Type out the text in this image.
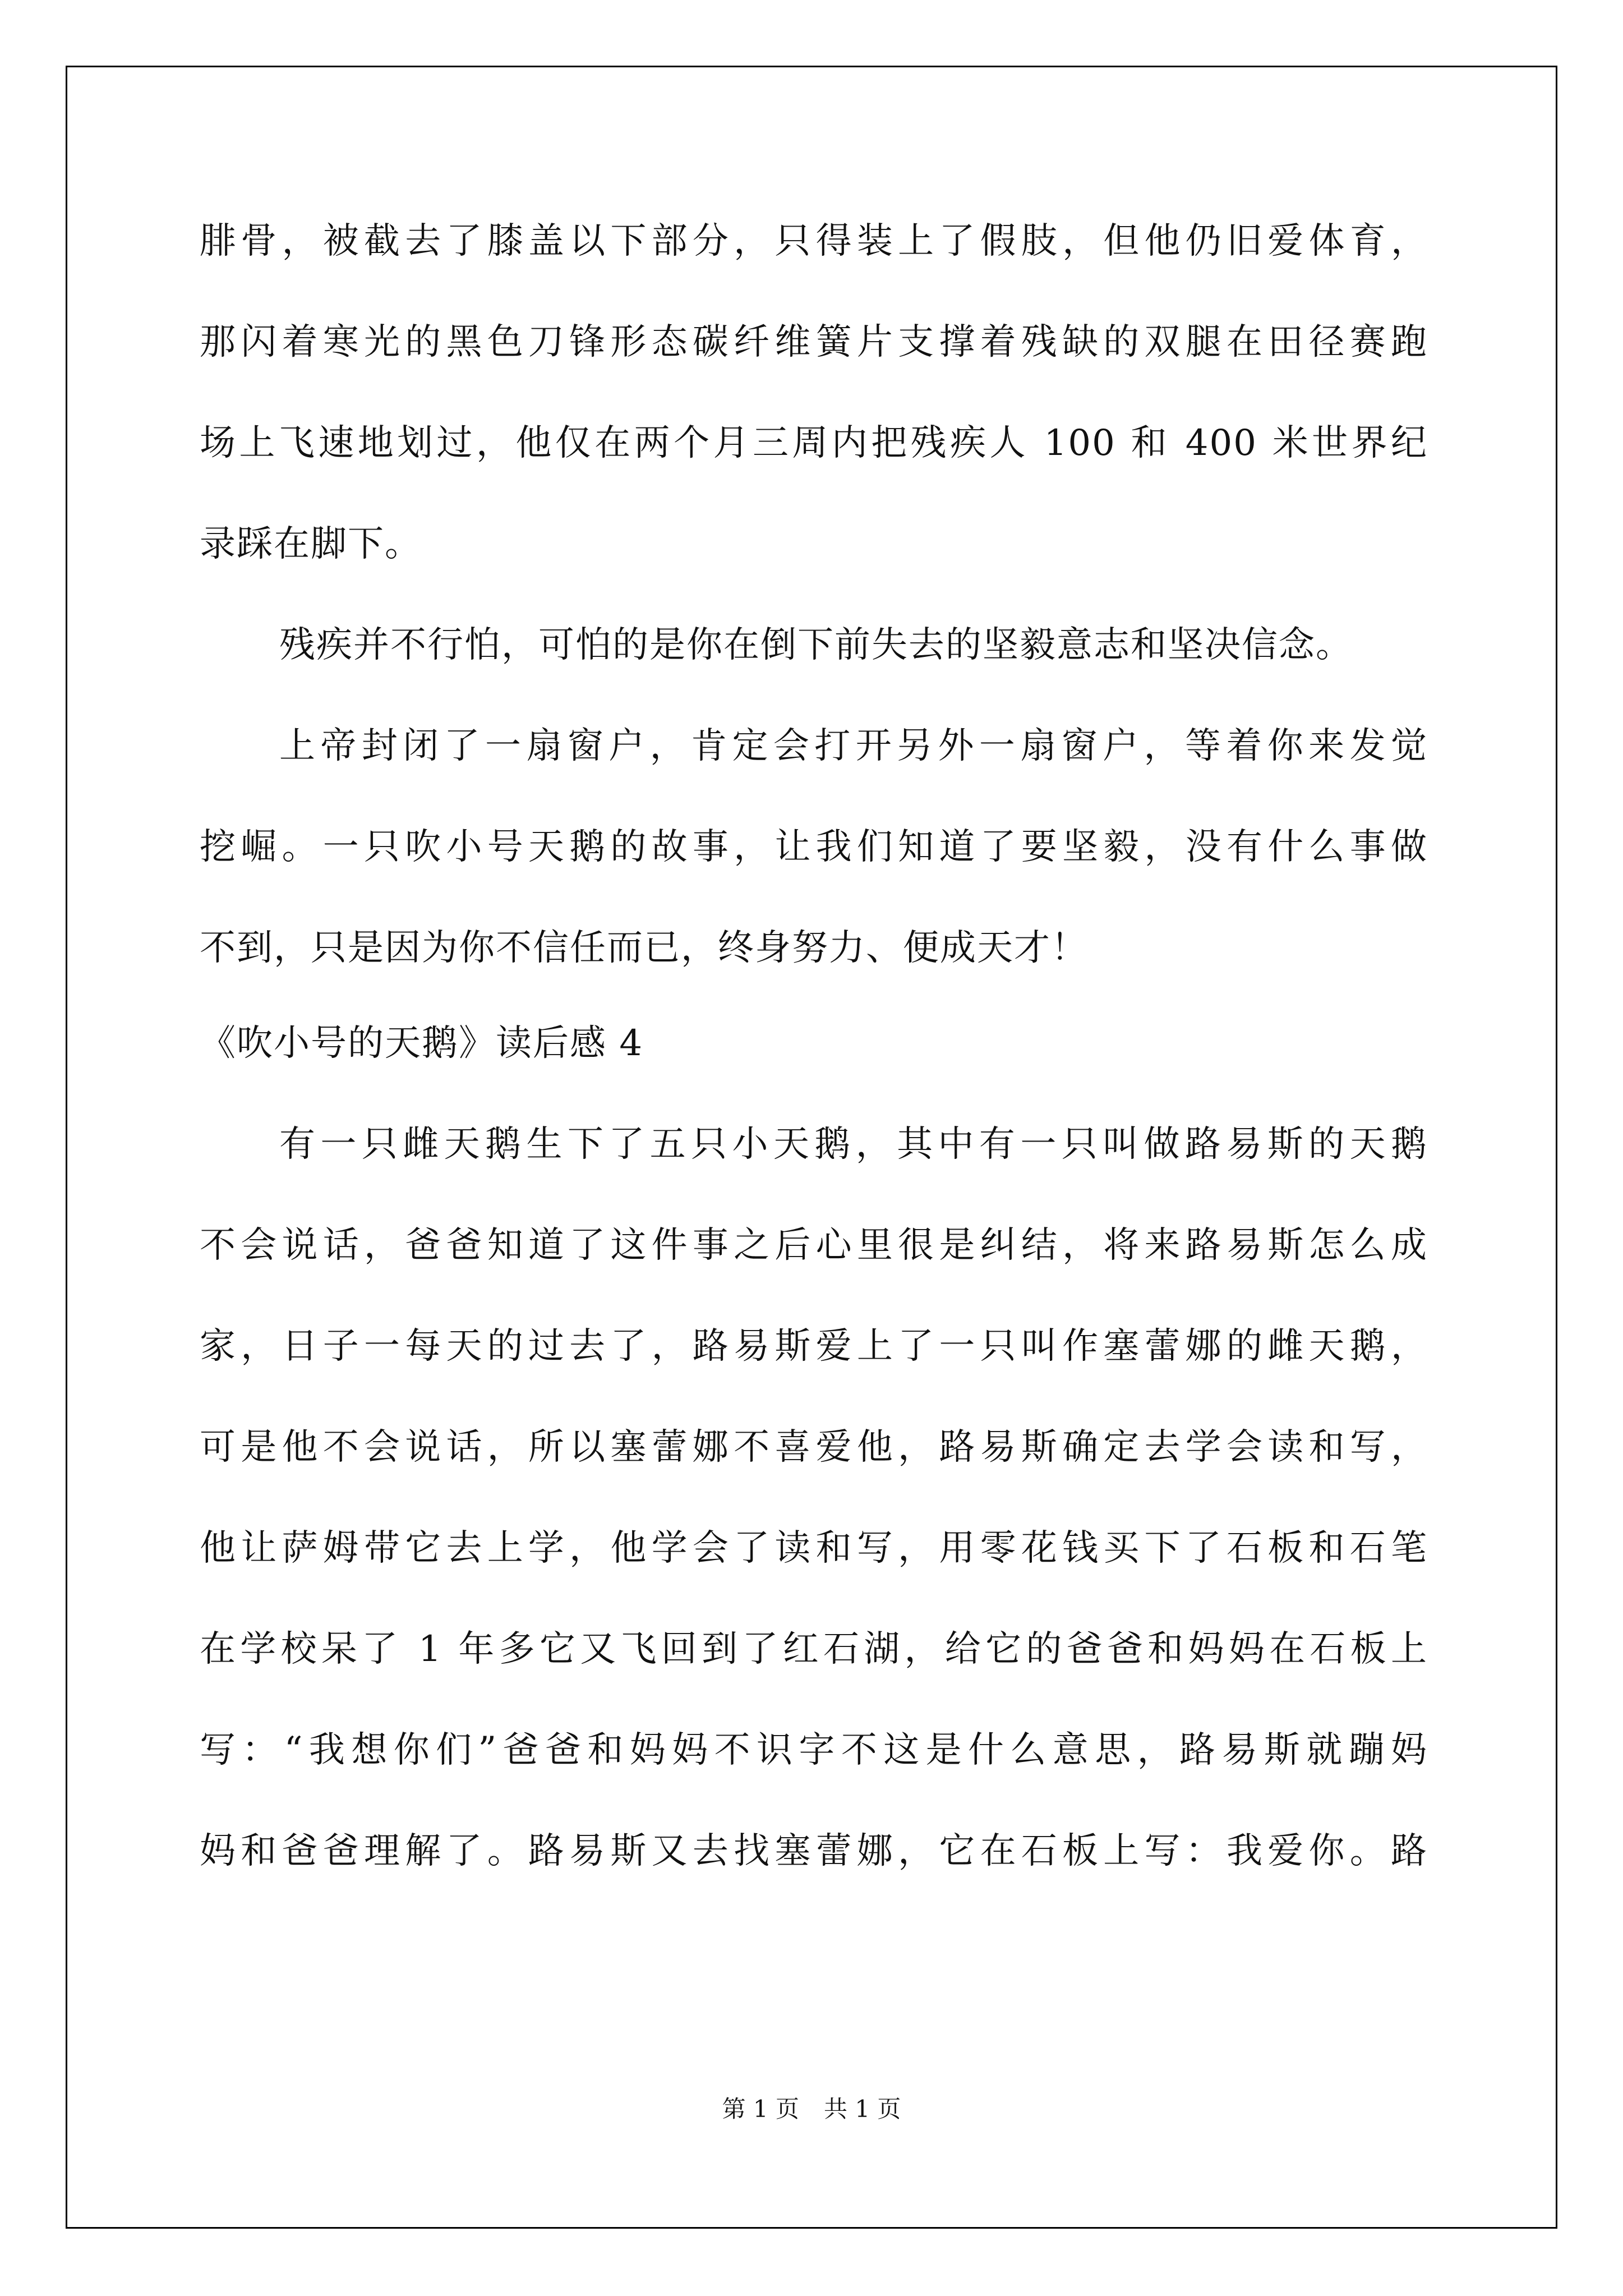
腓骨，被截去了膝盖以下部分，只得装上了假肢，但他仍旧爱体育，
那闪着寒光的黑色刀锋形态碳纤维簧片支撑着残缺的双腿在田径赛跑
场上飞速地划过，他仅在两个月三周内把残疾人 100 和 400 米世界纪
录踩在脚下。
残疾并不行怕，可怕的是你在倒下前失去的坚毅意志和坚决信念。
上帝封闭了一扇窗户，肯定会打开另外一扇窗户，等着你来发觉
挖崛。一只吹小号天鹅的故事，让我们知道了要坚毅，没有什么事做
不到，只是因为你不信任而已，终身努力、便成天才！
《吹小号的天鹅》读后感 4
有一只雌天鹅生下了五只小天鹅，其中有一只叫做路易斯的天鹅
不会说话，爸爸知道了这件事之后心里很是纠结，将来路易斯怎么成
家，日子一每天的过去了，路易斯爱上了一只叫作塞蕾娜的雌天鹅，
可是他不会说话，所以塞蕾娜不喜爱他，路易斯确定去学会读和写，
他让萨姆带它去上学，他学会了读和写，用零花钱买下了石板和石笔
在学校呆了 1 年多它又飞回到了红石湖，给它的爸爸和妈妈在石板上
写：“我想你们”爸爸和妈妈不识字不这是什么意思，路易斯就蹦妈
妈和爸爸理解了。路易斯又去找塞蕾娜，它在石板上写：我爱你。路
第 1 页 共 1 页
